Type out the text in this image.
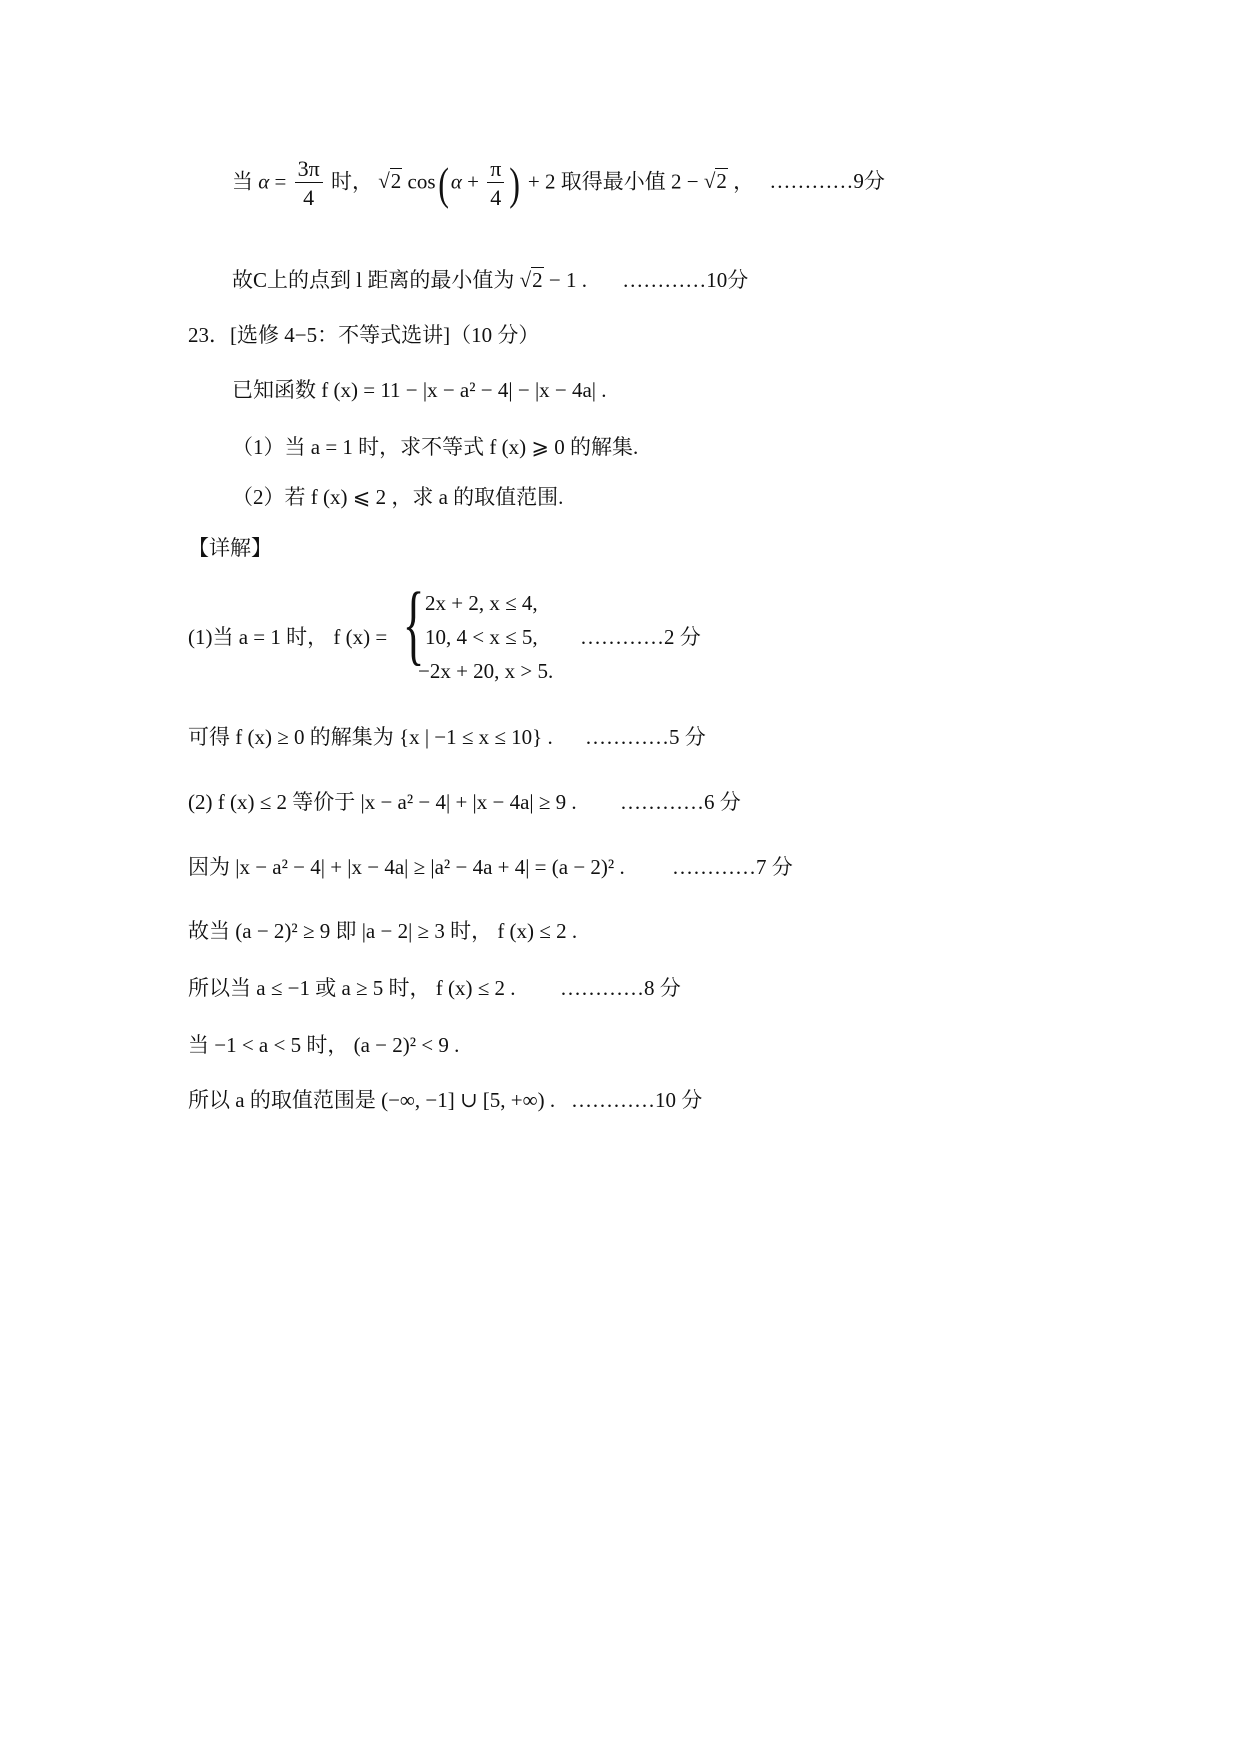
当 $\alpha = \frac{3\pi}{4}$ 时， √2 cos( $\alpha + \frac{\pi}{4}$ ) + 2 取得最小值 2 − √2 ， …………9分
故C上的点到 l 距离的最小值为 √2 − 1 . …………10分
23．[选修 4−5：不等式选讲]（10 分）
已知函数 f (x) = 11 − |x − a² − 4| − |x − 4a| .
（1）当 a = 1 时，求不等式 f (x) ⩾ 0 的解集.
（2）若 f (x) ⩽ 2 ，求 a 的取值范围.
【详解】
(1)当 a = 1 时， f (x) = { 2x + 2, x ≤ 4,
10, 4 < x ≤ 5,
−2x + 20, x > 5.
…………2 分
可得 f (x) ≥ 0 的解集为 {x | −1 ≤ x ≤ 10} . …………5 分
(2) f (x) ≤ 2 等价于 |x − a² − 4| + |x − 4a| ≥ 9 . …………6 分
因为 |x − a² − 4| + |x − 4a| ≥ |a² − 4a + 4| = (a − 2)² . …………7 分
故当 (a − 2)² ≥ 9 即 |a − 2| ≥ 3 时， f (x) ≤ 2 .
所以当 a ≤ −1 或 a ≥ 5 时， f (x) ≤ 2 . …………8 分
当 −1 < a < 5 时， (a − 2)² < 9 .
所以 a 的取值范围是 (−∞, −1] ∪ [5, +∞) . …………10 分
